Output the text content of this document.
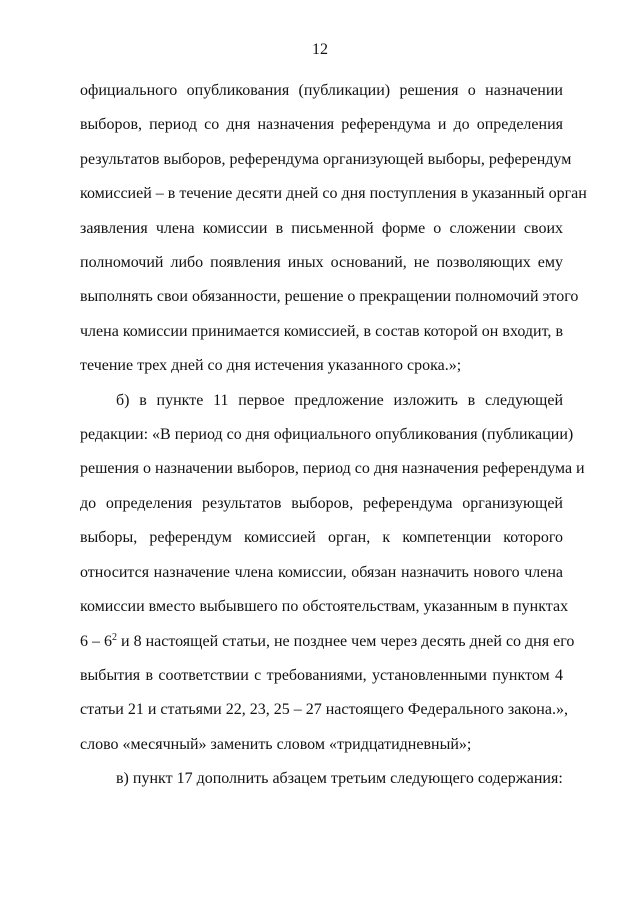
12

официального опубликования (публикации) решения о назначении
выборов, период со дня назначения референдума и до определения
результатов выборов, референдума организующей выборы, референдум
комиссией – в течение десяти дней со дня поступления в указанный орган
заявления члена комиссии в письменной форме о сложении своих
полномочий либо появления иных оснований, не позволяющих ему
выполнять свои обязанности, решение о прекращении полномочий этого
члена комиссии принимается комиссией, в состав которой он входит, в
течение трех дней со дня истечения указанного срока.»;

б) в пункте 11 первое предложение изложить в следующей
редакции: «В период со дня официального опубликования (публикации)
решения о назначении выборов, период со дня назначения референдума и
до определения результатов выборов, референдума организующей
выборы, референдум комиссией орган, к компетенции которого
относится назначение члена комиссии, обязан назначить нового члена
комиссии вместо выбывшего по обстоятельствам, указанным в пунктах
$6 - 6^2$ и 8 настоящей статьи, не позднее чем через десять дней со дня его
выбытия в соответствии с требованиями, установленными пунктом 4
статьи 21 и статьями 22, 23, 25 – 27 настоящего Федерального закона.»,
слово «месячный» заменить словом «тридцатидневный»;

в) пункт 17 дополнить абзацем третьим следующего содержания:
